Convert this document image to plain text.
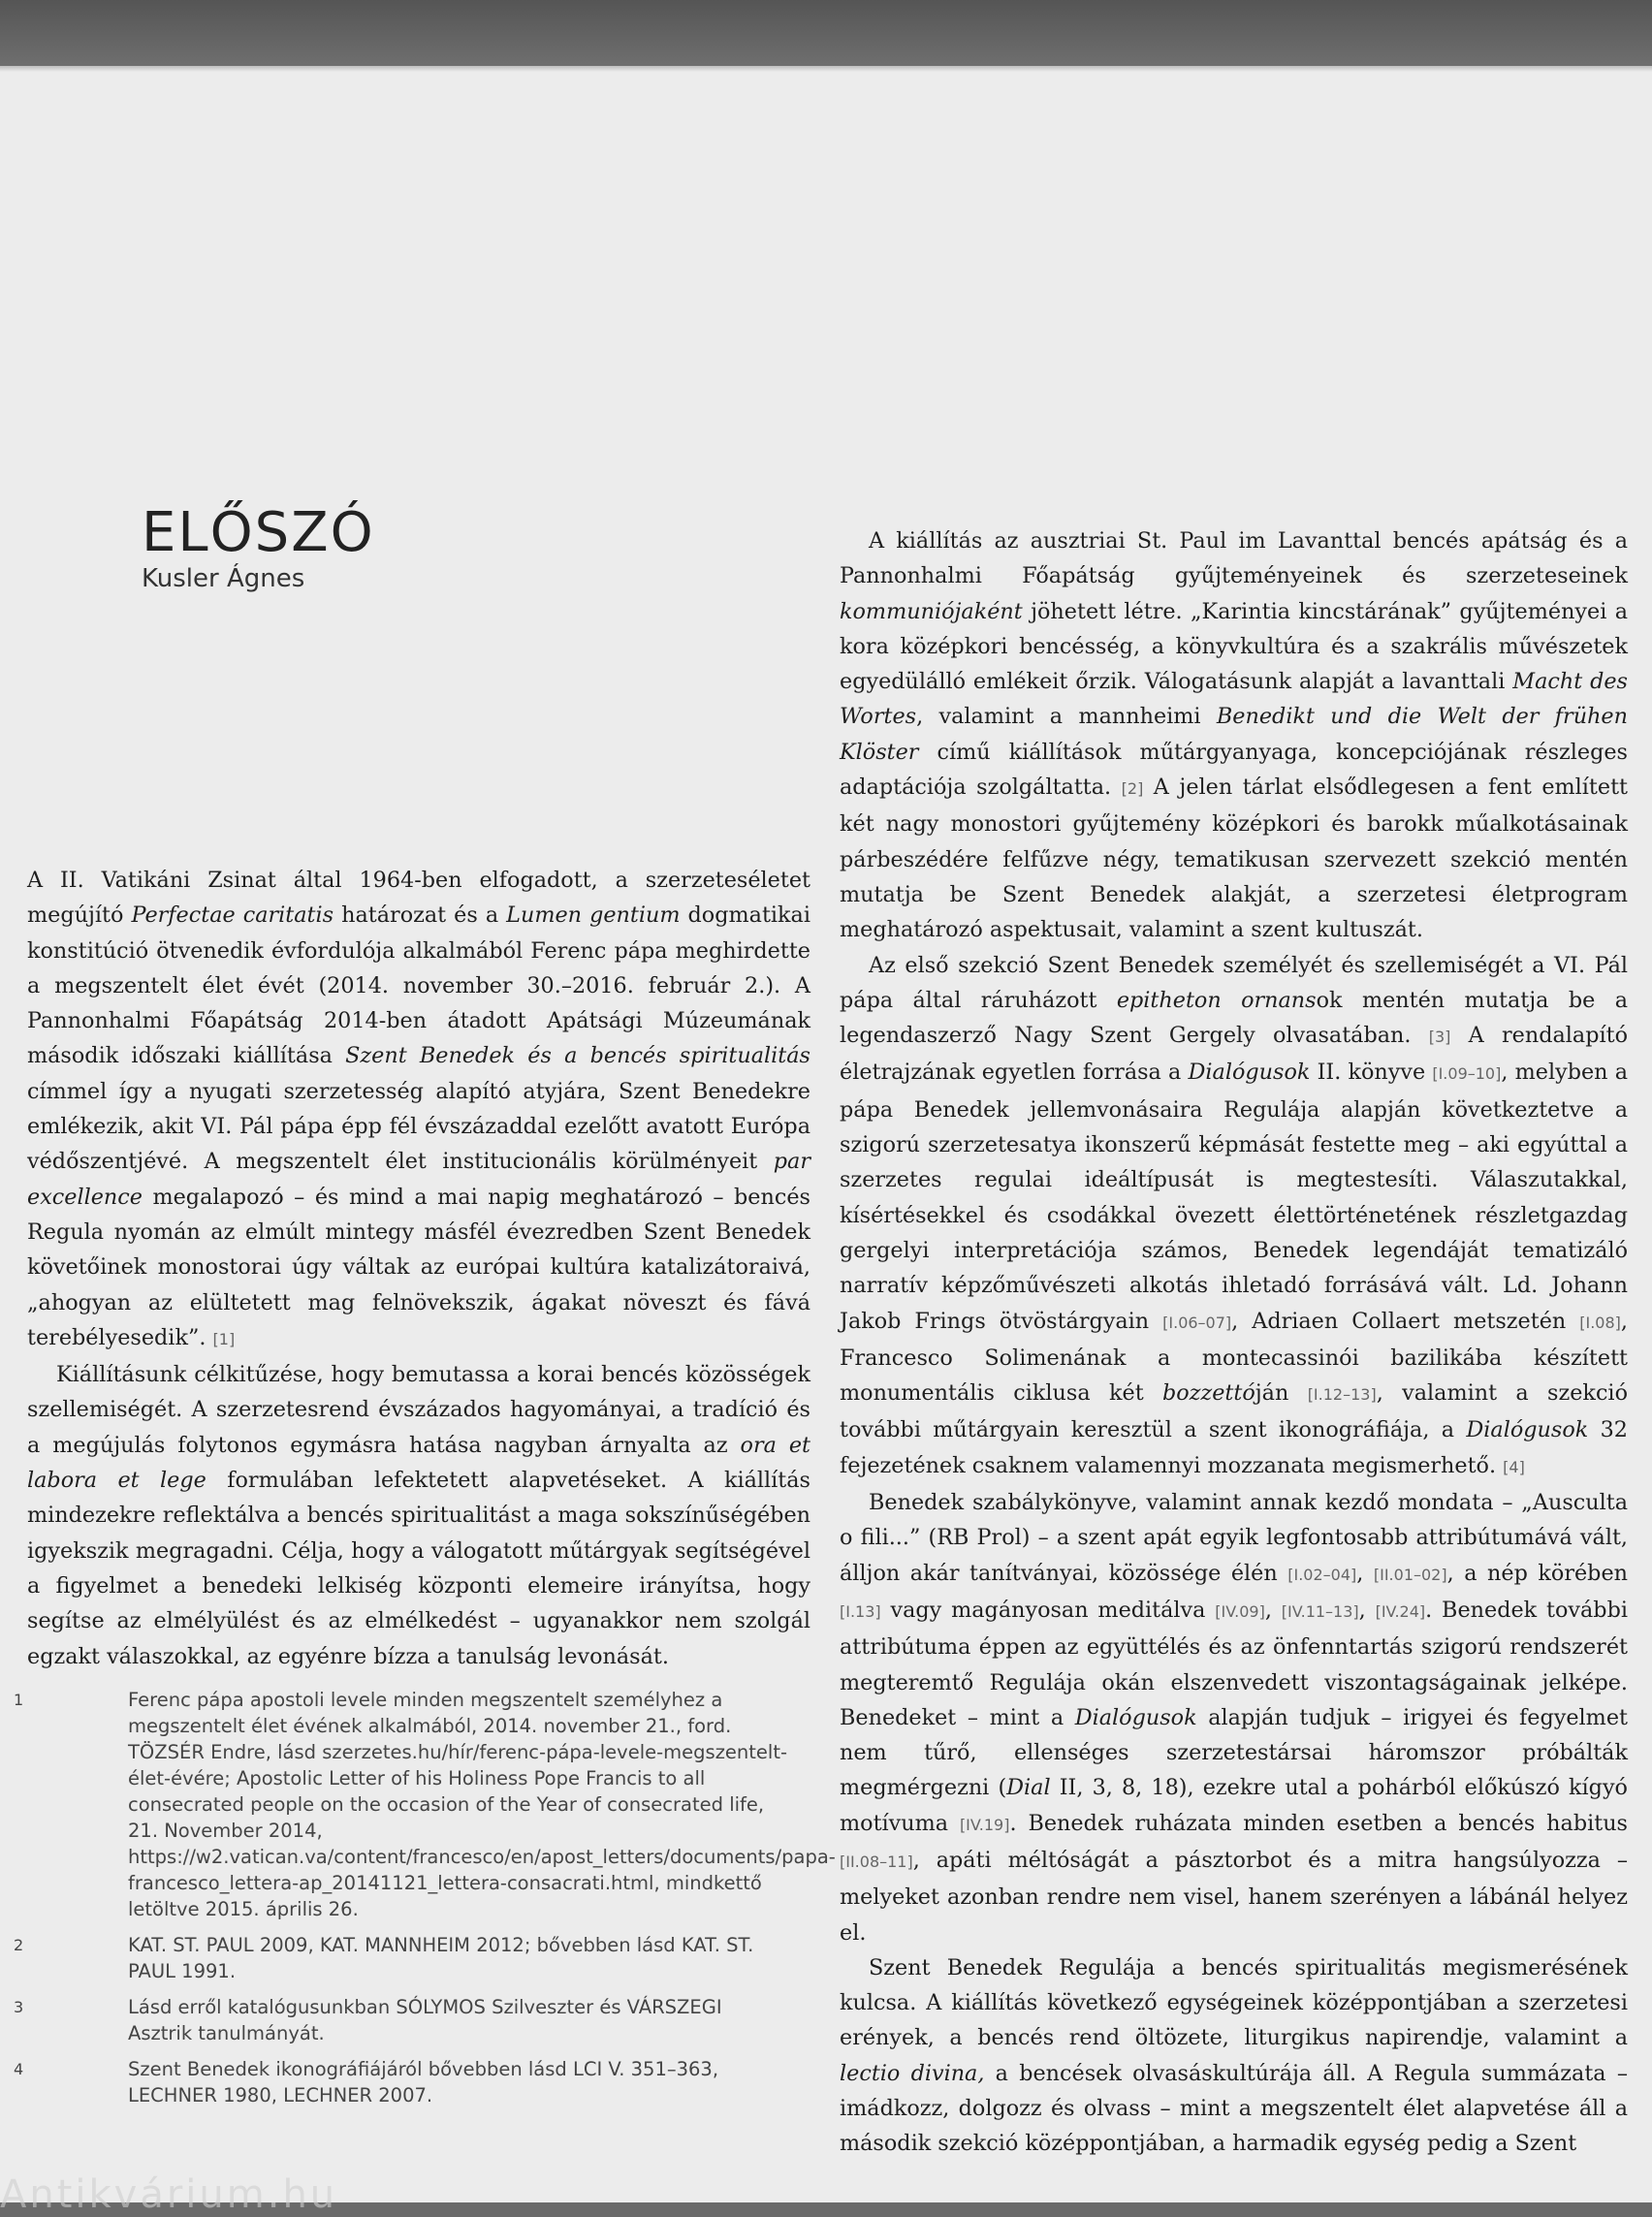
ELŐSZÓ
Kusler Ágnes

A II. Vatikáni Zsinat által 1964-ben elfogadott, a szerzeteséletet megújító Perfectae caritatis határozat és a Lumen gentium dogmatikai konstitúció ötvenedik évfordulója alkalmából Ferenc pápa meghirdette a megszentelt élet évét (2014. november 30.–2016. február 2.). A Pannonhalmi Főapátság 2014-ben átadott Apátsági Múzeumának második időszaki kiállítása Szent Benedek és a bencés spiritualitás címmel így a nyugati szerzetesség alapító atyjára, Szent Benedekre emlékezik, akit VI. Pál pápa épp fél évszázaddal ezelőtt avatott Európa védőszentjévé. A megszentelt élet institucionális körülményeit par excellence megalapozó – és mind a mai napig meghatározó – bencés Regula nyomán az elmúlt mintegy másfél évezredben Szent Benedek követőinek monostorai úgy váltak az európai kultúra katalizátoraivá, „ahogyan az elültetett mag felnövekszik, ágakat növeszt és fává terebélyesedik”. [1]

Kiállításunk célkitűzése, hogy bemutassa a korai bencés közösségek szellemiségét. A szerzetesrend évszázados hagyományai, a tradíció és a megújulás folytonos egymásra hatása nagyban árnyalta az ora et labora et lege formulában lefektetett alapvetéseket. A kiállítás mindezekre reflektálva a bencés spiritualitást a maga sokszínűségében igyekszik megragadni. Célja, hogy a válogatott műtárgyak segítségével a figyelmet a benedeki lelkiség központi elemeire irányítsa, hogy segítse az elmélyülést és az elmélkedést – ugyanakkor nem szolgál egzakt válaszokkal, az egyénre bízza a tanulság levonását.

A kiállítás az ausztriai St. Paul im Lavanttal bencés apátság és a Pannonhalmi Főapátság gyűjteményeinek és szerzeteseinek kommuniójaként jöhetett létre. „Karintia kincstárának” gyűjteményei a kora középkori bencésség, a könyvkultúra és a szakrális művészetek egyedülálló emlékeit őrzik. Válogatásunk alapját a lavanttali Macht des Wortes, valamint a mannheimi Benedikt und die Welt der frühen Klöster című kiállítások műtárgyanyaga, koncepciójának részleges adaptációja szolgáltatta. [2] A jelen tárlat elsődlegesen a fent említett két nagy monostori gyűjtemény középkori és barokk műalkotásainak párbeszédére felfűzve négy, tematikusan szervezett szekció mentén mutatja be Szent Benedek alakját, a szerzetesi életprogram meghatározó aspektusait, valamint a szent kultuszát.

Az első szekció Szent Benedek személyét és szellemiségét a VI. Pál pápa által ráruházott epitheton ornansok mentén mutatja be a legendaszerző Nagy Szent Gergely olvasatában. [3] A rendalapító életrajzának egyetlen forrása a Dialógusok II. könyve [I.09–10], melyben a pápa Benedek jellemvonásaira Regulája alapján következtetve a szigorú szerzetesatya ikonszerű képmását festette meg – aki egyúttal a szerzetes regulai ideáltípusát is megtestesíti. Válaszutakkal, kísértésekkel és csodákkal övezett élettörténetének részletgazdag gergelyi interpretációja számos, Benedek legendáját tematizáló narratív képzőművészeti alkotás ihletadó forrásává vált. Ld. Johann Jakob Frings ötvöstárgyain [I.06–07], Adriaen Collaert metszetén [I.08], Francesco Solimenának a montecassinói bazilikába készített monumentális ciklusa két bozzettóján [I.12–13], valamint a szekció további műtárgyain keresztül a szent ikonográfiája, a Dialógusok 32 fejezetének csaknem valamennyi mozzanata megismerhető. [4]

Benedek szabálykönyve, valamint annak kezdő mondata – „Ausculta o fili...” (RB Prol) – a szent apát egyik legfontosabb attribútumává vált, álljon akár tanítványai, közössége élén [I.02–04], [II.01–02], a nép körében [I.13] vagy magányosan meditálva [IV.09], [IV.11–13], [IV.24]. Benedek további attribútuma éppen az együttélés és az önfenntartás szigorú rendszerét megteremtő Regulája okán elszenvedett viszontagságainak jelképe. Benedeket – mint a Dialógusok alapján tudjuk – irigyei és fegyelmet nem tűrő, ellenséges szerzetestársai háromszor próbálták megmérgezni (Dial II, 3, 8, 18), ezekre utal a pohárból előkúszó kígyó motívuma [IV.19]. Benedek ruházata minden esetben a bencés habitus [II.08–11], apáti méltóságát a pásztorbot és a mitra hangsúlyozza – melyeket azonban rendre nem visel, hanem szerényen a lábánál helyez el.

Szent Benedek Regulája a bencés spiritualitás megismerésének kulcsa. A kiállítás következő egységeinek középpontjában a szerzetesi erények, a bencés rend öltözete, liturgikus napirendje, valamint a lectio divina, a bencések olvasáskultúrája áll. A Regula summázata – imádkozz, dolgozz és olvass – mint a megszentelt élet alapvetése áll a második szekció középpontjában, a harmadik egység pedig a Szent

1	Ferenc pápa apostoli levele minden megszentelt személyhez a megszentelt élet évének alkalmából, 2014. november 21., ford. TÖZSÉR Endre, lásd szerzetes.hu/hír/ferenc-pápa-levele-megszentelt-élet-évére; Apostolic Letter of his Holiness Pope Francis to all consecrated people on the occasion of the Year of consecrated life, 21. November 2014, https://w2.vatican.va/content/francesco/en/apost_letters/documents/papa-francesco_lettera-ap_20141121_lettera-consacrati.html, mindkettő letöltve 2015. április 26.
2	KAT. ST. PAUL 2009, KAT. MANNHEIM 2012; bővebben lásd KAT. ST. PAUL 1991.
3	Lásd erről katalógusunkban SÓLYMOS Szilveszter és VÁRSZEGI Asztrik tanulmányát.
4	Szent Benedek ikonográfiájáról bővebben lásd LCI V. 351–363, LECHNER 1980, LECHNER 2007.
Antikvárium.hu
